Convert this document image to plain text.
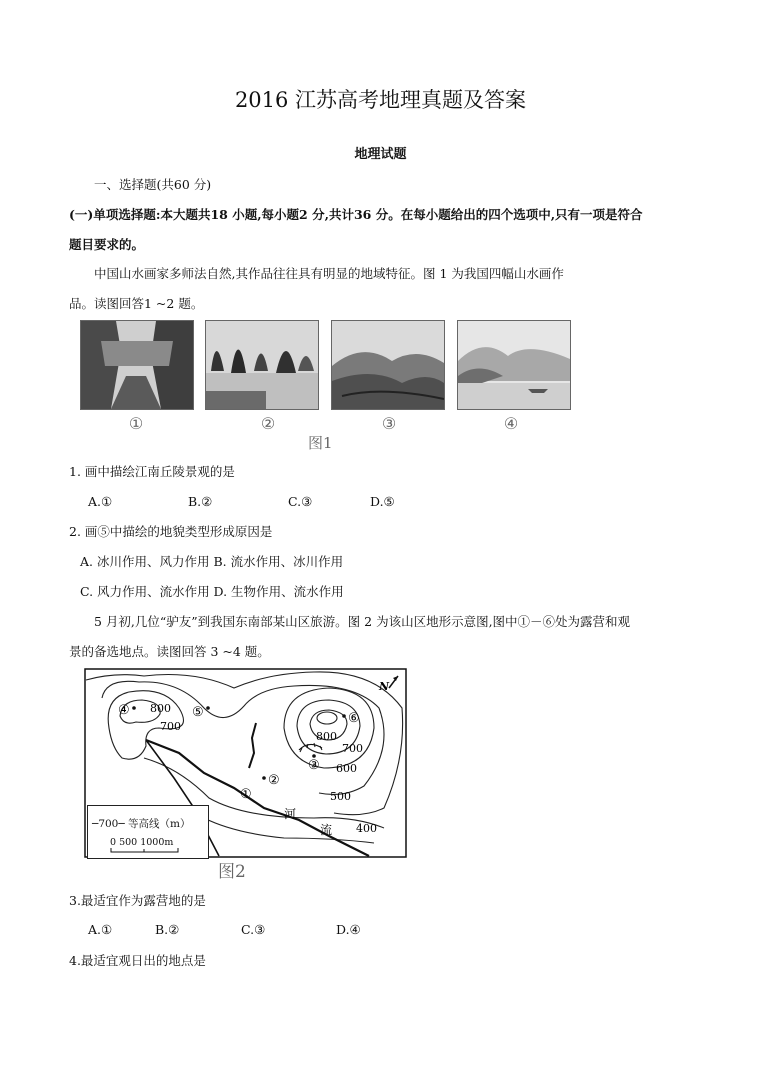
2016 江苏高考地理真题及答案
地理试题
一、选择题(共60 分)
(一)单项选择题:本大题共18 小题,每小题2 分,共计36 分。在每小题给出的四个选项中,只有一项是符合
题目要求的。
中国山水画家多师法自然,其作品往往具有明显的地域特征。图 1 为我国四幅山水画作
品。读图回答1 ~2 题。
①	②	③	④
图1
1. 画中描绘江南丘陵景观的是
A.①	B.②	C.③	D.⑤
2. 画⑤中描绘的地貌类型形成原因是
A. 冰川作用、风力作用 B. 流水作用、冰川作用
C. 风力作用、流水作用 D. 生物作用、流水作用
5 月初,几位“驴友”到我国东南部某山区旅游。图 2 为该山区地形示意图,图中①－⑥处为露营和观
景的备选地点。读图回答 3 ~4 题。
N
800
700
800
700
600
500
400
④	⑤	⑥
③
②
①
河
流
─700─ 等高线（m）
0 500 1000m
图2
3.最适宜作为露营地的是
A.①	B.②	C.③	D.④
4.最适宜观日出的地点是
